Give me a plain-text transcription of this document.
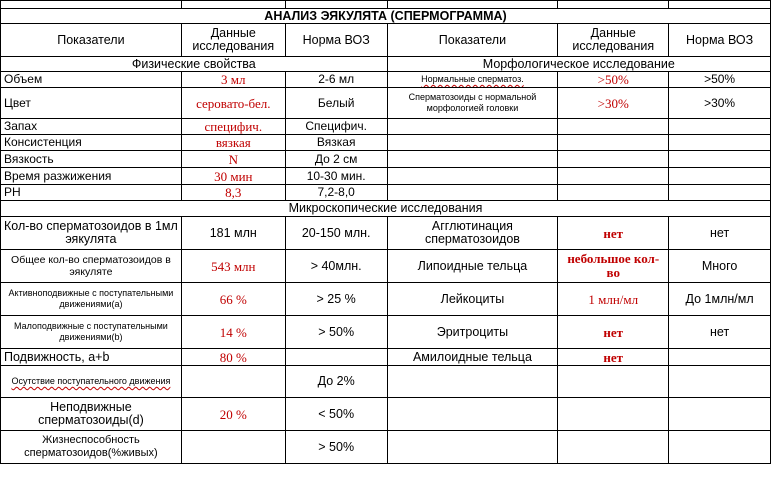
АНАЛИЗ ЭЯКУЛЯТА (СПЕРМОГРАММА)					
Показатели	Данные исследования	Норма ВОЗ	Показатели	Данные исследования	Норма ВОЗ
Физические свойства			Морфологическое исследование		
Объем	3 мл	2-6 мл	Нормальные сперматоз.	>50%	>50%
Цвет	серовато-бел.	Белый	Сперматозоиды с нормальной морфологией головки	>30%	>30%
Запах	специфич.	Специфич.			
Консистенция	вязкая	Вязкая			
Вязкость	N	До 2 см			
Время разжижения	30 мин	10-30 мин.			
PH	8,3	7,2-8,0			
Микроскопические исследования					
Кол-во сперматозоидов в 1мл эякулята	181 млн	20-150 млн.	Агглютинация сперматозоидов	нет	нет
Общее кол-во сперматозоидов в эякуляте	543 млн	> 40млн.	Липоидные тельца	небольшое кол-во	Много
Активноподвижные с поступательными движениями(a)	66 %	> 25 %	Лейкоциты	1 млн/мл	До 1млн/мл
Малоподвижные с поступательными движениями(b)	14 %	> 50%	Эритроциты	нет	нет
Подвижность, a+b	80 %		Амилоидные тельца	нет	
Осутствие поступательного движения		До 2%			
Неподвижные сперматозоиды(d)	20 %	< 50%			
Жизнеспособность сперматозоидов(%живых)		> 50%			
